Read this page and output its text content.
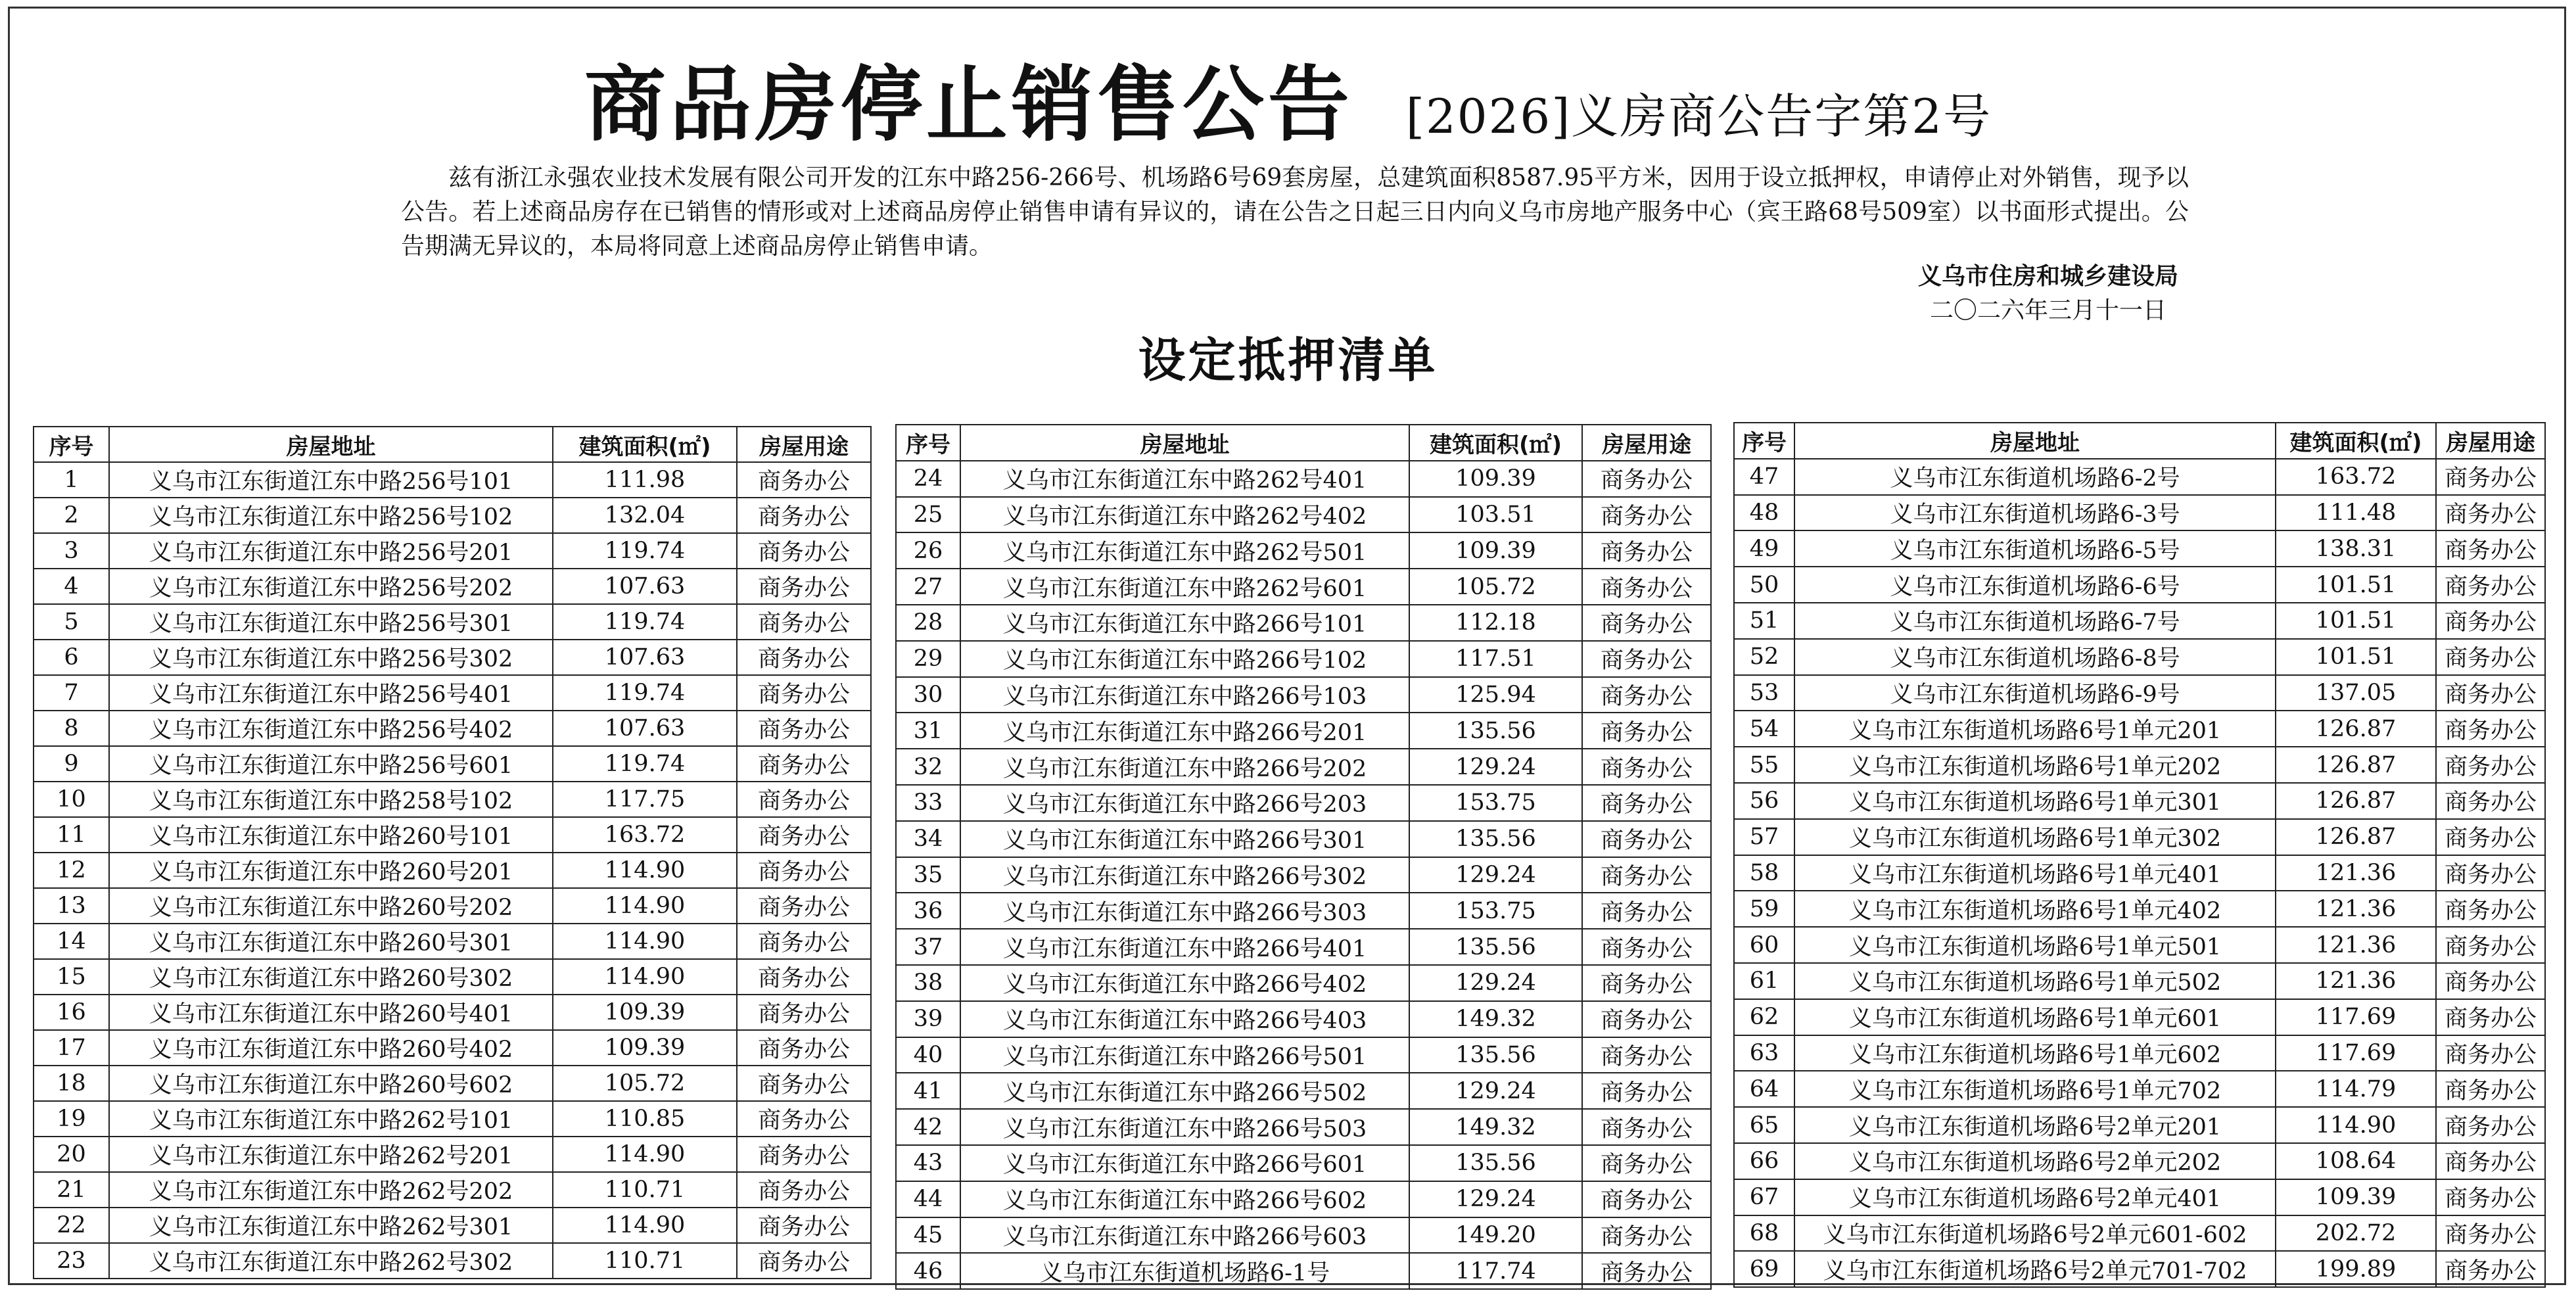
商品房停止销售公告 [2026]义房商公告字第2号

兹有浙江永强农业技术发展有限公司开发的江东中路256-266号、机场路6号69套房屋，总建筑面积8587.95平方米，因用于设立抵押权，申请停止对外销售，现予以公告。若上述商品房存在已销售的情形或对上述商品房停止销售申请有异议的，请在公告之日起三日内向义乌市房地产服务中心（宾王路68号509室）以书面形式提出。公告期满无异议的，本局将同意上述商品房停止销售申请。

义乌市住房和城乡建设局
二〇二六年三月十一日
设定抵押清单
序号	房屋地址	建筑面积(㎡)	房屋用途
1	义乌市江东街道江东中路256号101	111.98	商务办公
2	义乌市江东街道江东中路256号102	132.04	商务办公
3	义乌市江东街道江东中路256号201	119.74	商务办公
4	义乌市江东街道江东中路256号202	107.63	商务办公
5	义乌市江东街道江东中路256号301	119.74	商务办公
6	义乌市江东街道江东中路256号302	107.63	商务办公
7	义乌市江东街道江东中路256号401	119.74	商务办公
8	义乌市江东街道江东中路256号402	107.63	商务办公
9	义乌市江东街道江东中路256号601	119.74	商务办公
10	义乌市江东街道江东中路258号102	117.75	商务办公
11	义乌市江东街道江东中路260号101	163.72	商务办公
12	义乌市江东街道江东中路260号201	114.90	商务办公
13	义乌市江东街道江东中路260号202	114.90	商务办公
14	义乌市江东街道江东中路260号301	114.90	商务办公
15	义乌市江东街道江东中路260号302	114.90	商务办公
16	义乌市江东街道江东中路260号401	109.39	商务办公
17	义乌市江东街道江东中路260号402	109.39	商务办公
18	义乌市江东街道江东中路260号602	105.72	商务办公
19	义乌市江东街道江东中路262号101	110.85	商务办公
20	义乌市江东街道江东中路262号201	114.90	商务办公
21	义乌市江东街道江东中路262号202	110.71	商务办公
22	义乌市江东街道江东中路262号301	114.90	商务办公
23	义乌市江东街道江东中路262号302	110.71	商务办公
序号	房屋地址	建筑面积(㎡)	房屋用途
24	义乌市江东街道江东中路262号401	109.39	商务办公
25	义乌市江东街道江东中路262号402	103.51	商务办公
26	义乌市江东街道江东中路262号501	109.39	商务办公
27	义乌市江东街道江东中路262号601	105.72	商务办公
28	义乌市江东街道江东中路266号101	112.18	商务办公
29	义乌市江东街道江东中路266号102	117.51	商务办公
30	义乌市江东街道江东中路266号103	125.94	商务办公
31	义乌市江东街道江东中路266号201	135.56	商务办公
32	义乌市江东街道江东中路266号202	129.24	商务办公
33	义乌市江东街道江东中路266号203	153.75	商务办公
34	义乌市江东街道江东中路266号301	135.56	商务办公
35	义乌市江东街道江东中路266号302	129.24	商务办公
36	义乌市江东街道江东中路266号303	153.75	商务办公
37	义乌市江东街道江东中路266号401	135.56	商务办公
38	义乌市江东街道江东中路266号402	129.24	商务办公
39	义乌市江东街道江东中路266号403	149.32	商务办公
40	义乌市江东街道江东中路266号501	135.56	商务办公
41	义乌市江东街道江东中路266号502	129.24	商务办公
42	义乌市江东街道江东中路266号503	149.32	商务办公
43	义乌市江东街道江东中路266号601	135.56	商务办公
44	义乌市江东街道江东中路266号602	129.24	商务办公
45	义乌市江东街道江东中路266号603	149.20	商务办公
46	义乌市江东街道机场路6-1号	117.74	商务办公
序号	房屋地址	建筑面积(㎡)	房屋用途
47	义乌市江东街道机场路6-2号	163.72	商务办公
48	义乌市江东街道机场路6-3号	111.48	商务办公
49	义乌市江东街道机场路6-5号	138.31	商务办公
50	义乌市江东街道机场路6-6号	101.51	商务办公
51	义乌市江东街道机场路6-7号	101.51	商务办公
52	义乌市江东街道机场路6-8号	101.51	商务办公
53	义乌市江东街道机场路6-9号	137.05	商务办公
54	义乌市江东街道机场路6号1单元201	126.87	商务办公
55	义乌市江东街道机场路6号1单元202	126.87	商务办公
56	义乌市江东街道机场路6号1单元301	126.87	商务办公
57	义乌市江东街道机场路6号1单元302	126.87	商务办公
58	义乌市江东街道机场路6号1单元401	121.36	商务办公
59	义乌市江东街道机场路6号1单元402	121.36	商务办公
60	义乌市江东街道机场路6号1单元501	121.36	商务办公
61	义乌市江东街道机场路6号1单元502	121.36	商务办公
62	义乌市江东街道机场路6号1单元601	117.69	商务办公
63	义乌市江东街道机场路6号1单元602	117.69	商务办公
64	义乌市江东街道机场路6号1单元702	114.79	商务办公
65	义乌市江东街道机场路6号2单元201	114.90	商务办公
66	义乌市江东街道机场路6号2单元202	108.64	商务办公
67	义乌市江东街道机场路6号2单元401	109.39	商务办公
68	义乌市江东街道机场路6号2单元601-602	202.72	商务办公
69	义乌市江东街道机场路6号2单元701-702	199.89	商务办公
